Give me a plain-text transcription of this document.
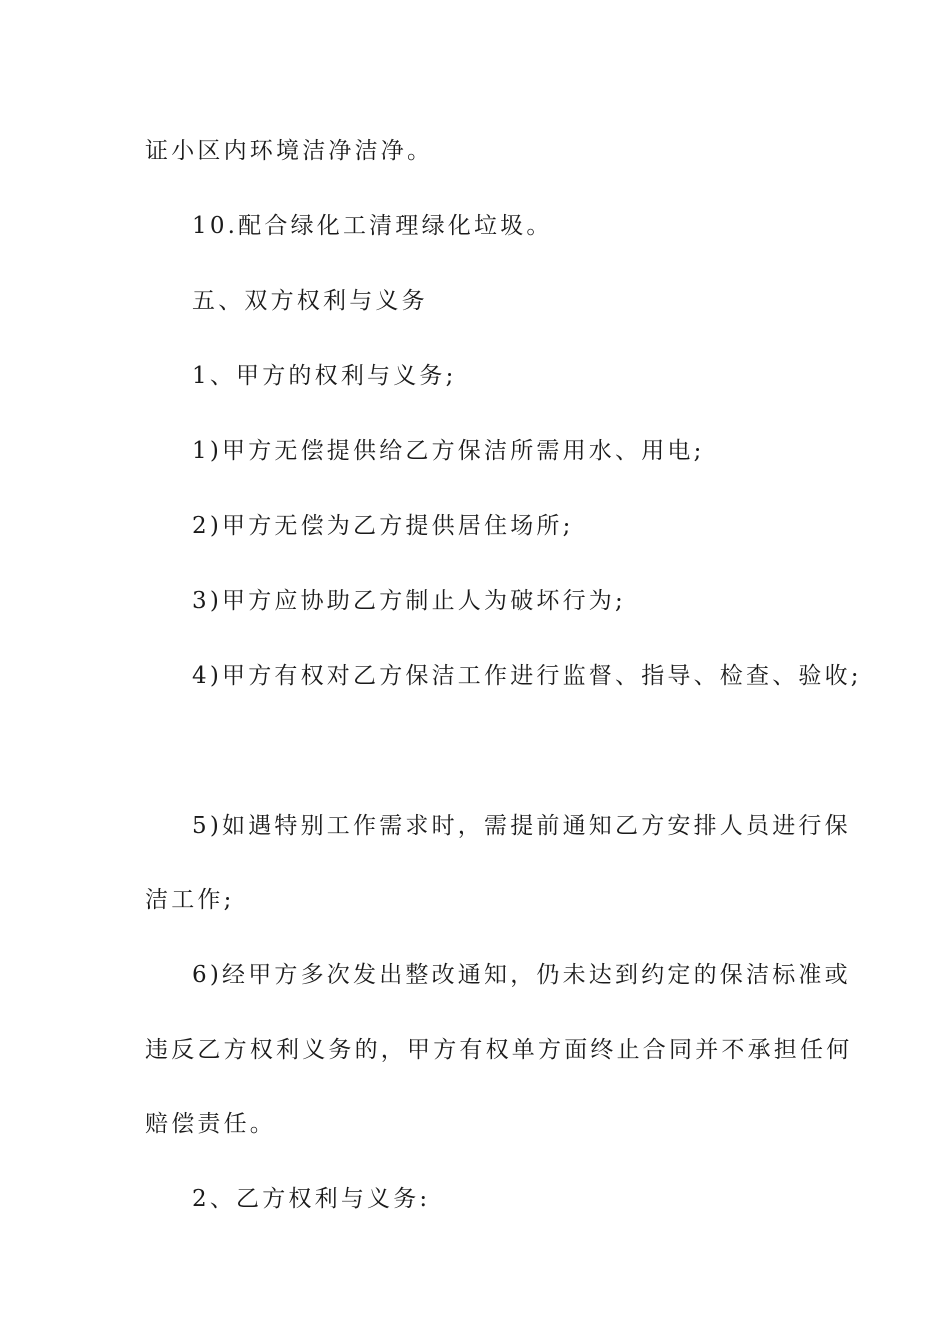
证小区内环境洁净洁净。
10.配合绿化工清理绿化垃圾。
五、双方权利与义务
1、甲方的权利与义务;
1)甲方无偿提供给乙方保洁所需用水、用电;
2)甲方无偿为乙方提供居住场所;
3)甲方应协助乙方制止人为破坏行为;
4)甲方有权对乙方保洁工作进行监督、指导、检查、验收;
5)如遇特别工作需求时，需提前通知乙方安排人员进行保
洁工作;
6)经甲方多次发出整改通知，仍未达到约定的保洁标准或
违反乙方权利义务的，甲方有权单方面终止合同并不承担任何
赔偿责任。
2、乙方权利与义务:
